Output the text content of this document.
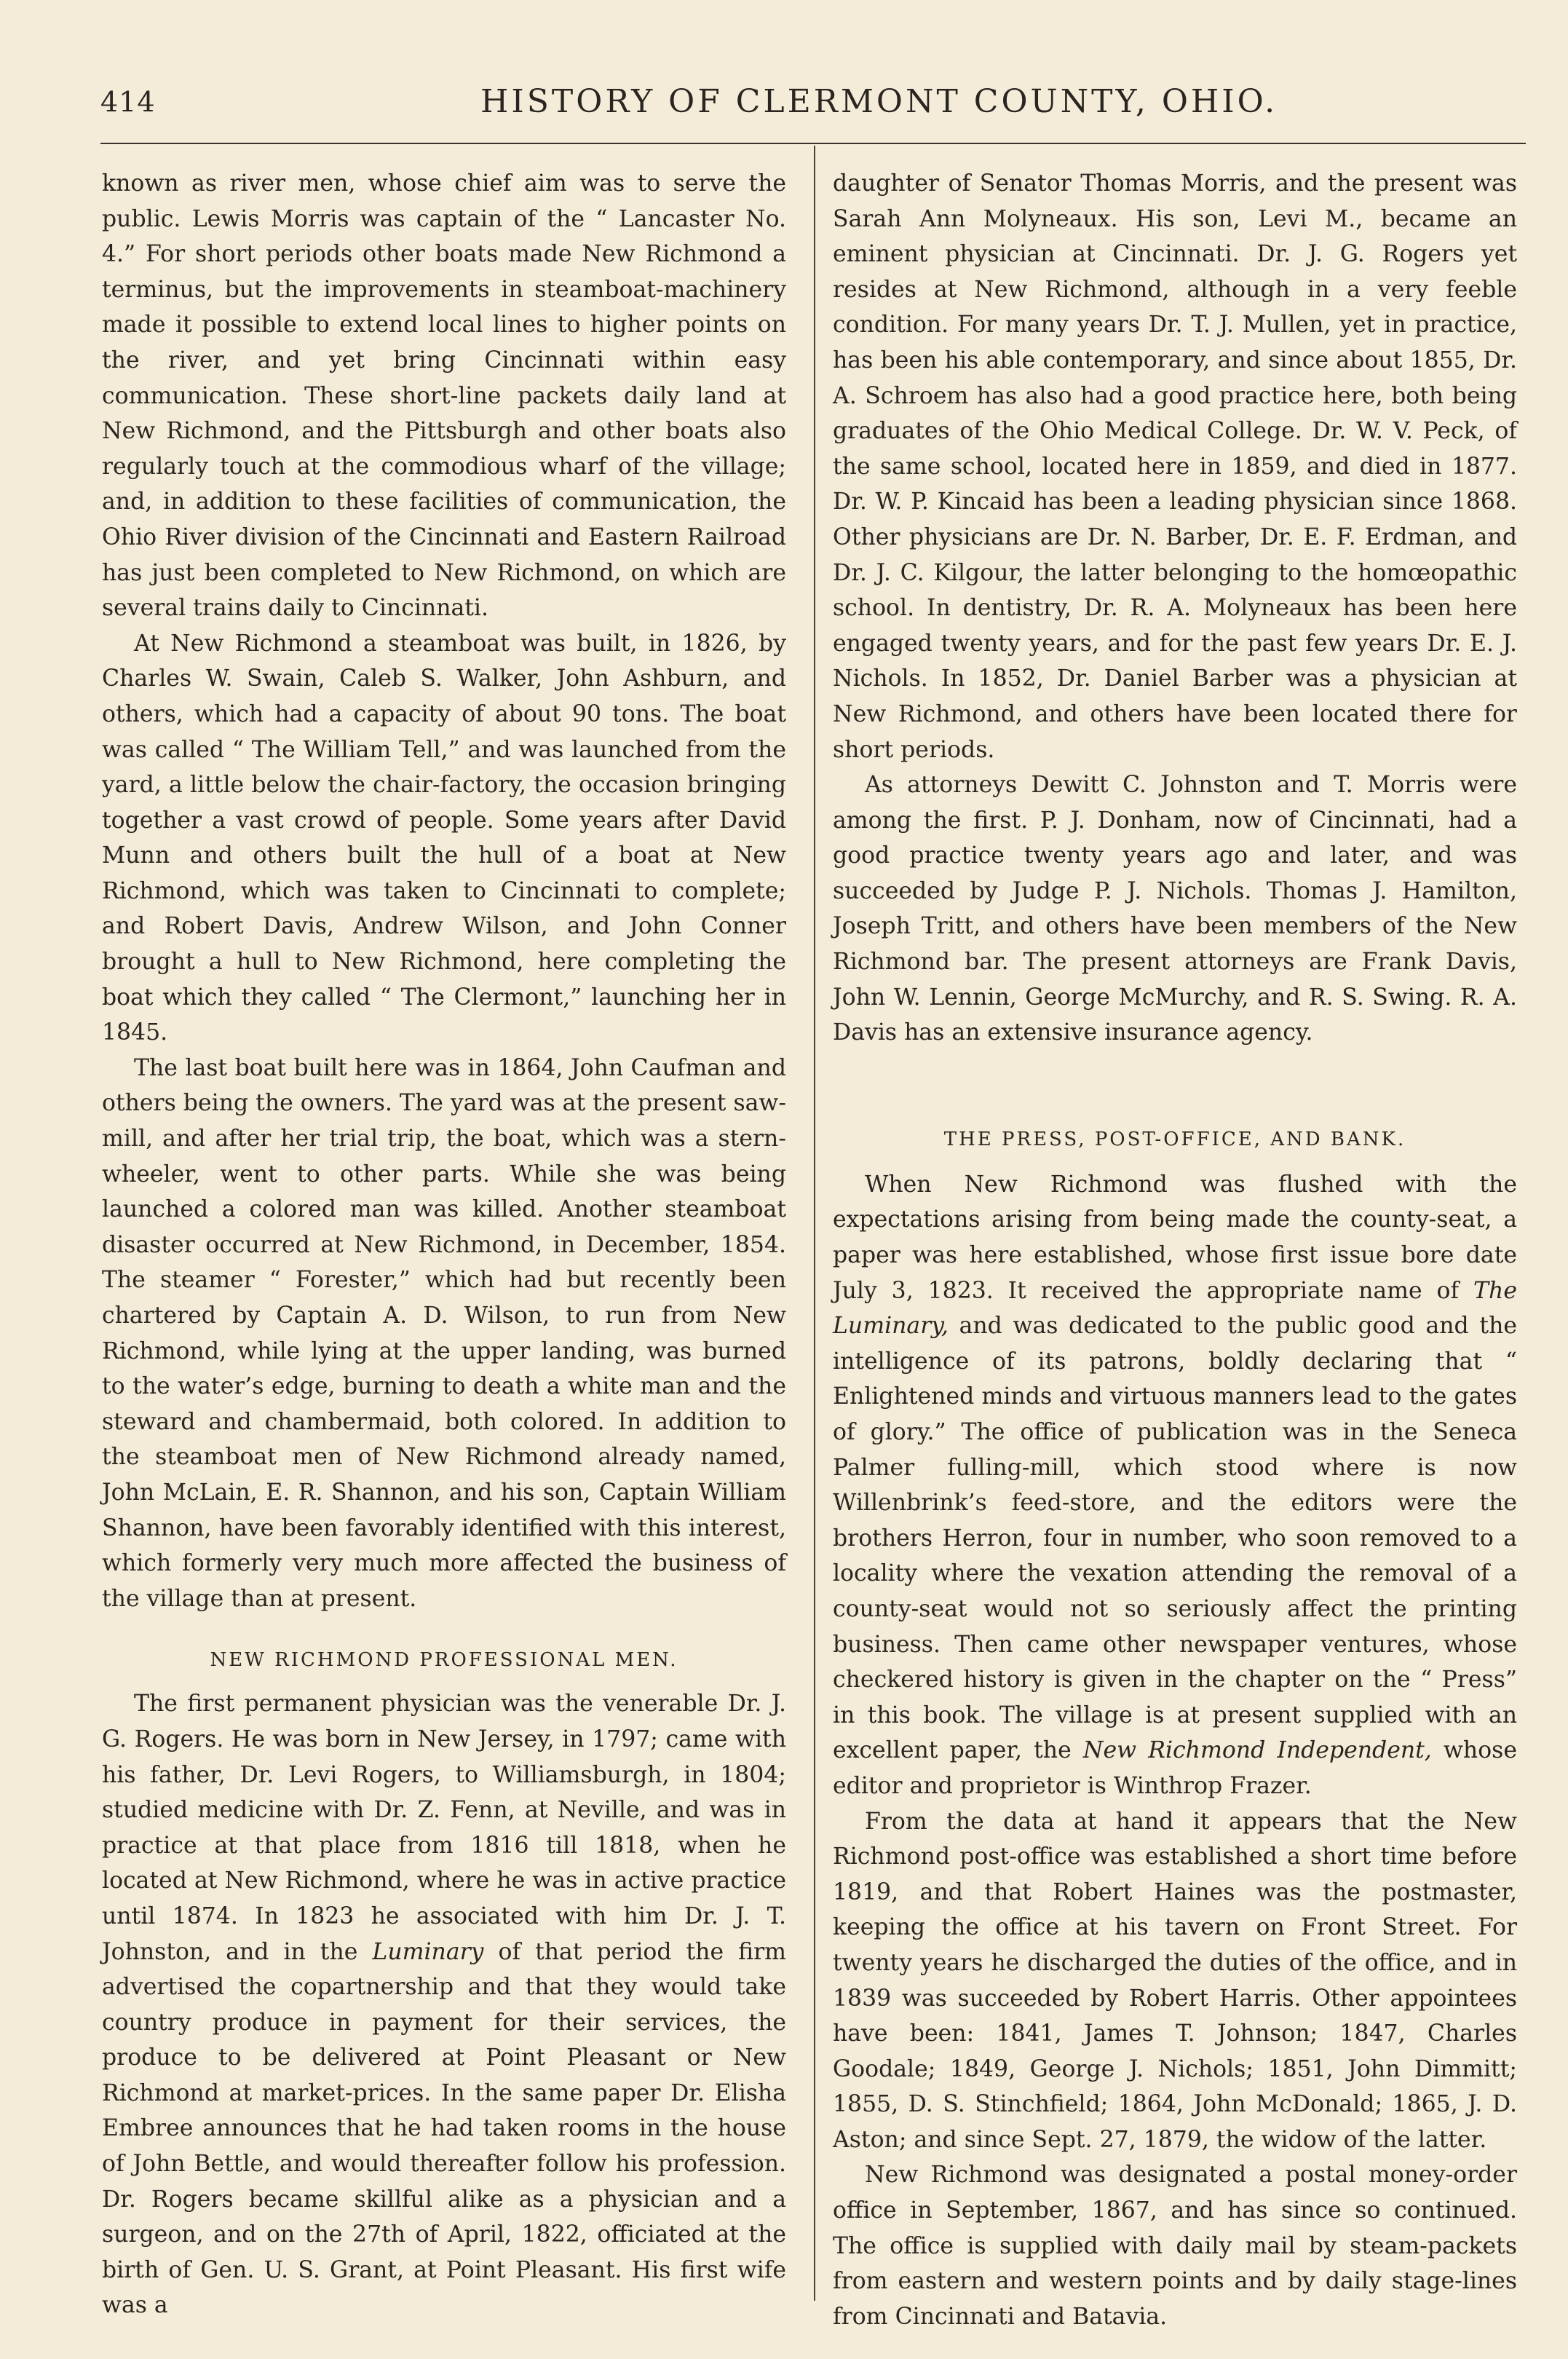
414	HISTORY OF CLERMONT COUNTY, OHIO.

known as river men, whose chief aim was to serve the public. Lewis Morris was captain of the “ Lancaster No. 4.” For short periods other boats made New Richmond a terminus, but the improvements in steamboat-machinery made it possible to extend local lines to higher points on the river, and yet bring Cincinnati within easy communication. These short-line packets daily land at New Richmond, and the Pittsburgh and other boats also regularly touch at the commodious wharf of the village; and, in addition to these facilities of communication, the Ohio River division of the Cincinnati and Eastern Railroad has just been completed to New Richmond, on which are several trains daily to Cincinnati.

At New Richmond a steamboat was built, in 1826, by Charles W. Swain, Caleb S. Walker, John Ashburn, and others, which had a capacity of about 90 tons. The boat was called “ The William Tell,” and was launched from the yard, a little below the chair-factory, the occasion bringing together a vast crowd of people. Some years after David Munn and others built the hull of a boat at New Richmond, which was taken to Cincinnati to complete; and Robert Davis, Andrew Wilson, and John Conner brought a hull to New Richmond, here completing the boat which they called “ The Clermont,” launching her in 1845.

The last boat built here was in 1864, John Caufman and others being the owners. The yard was at the present saw-mill, and after her trial trip, the boat, which was a stern-wheeler, went to other parts. While she was being launched a colored man was killed. Another steamboat disaster occurred at New Richmond, in December, 1854. The steamer “ Forester,” which had but recently been chartered by Captain A. D. Wilson, to run from New Richmond, while lying at the upper landing, was burned to the water’s edge, burning to death a white man and the steward and chambermaid, both colored. In addition to the steamboat men of New Richmond already named, John McLain, E. R. Shannon, and his son, Captain William Shannon, have been favorably identified with this interest, which formerly very much more affected the business of the village than at present.

NEW RICHMOND PROFESSIONAL MEN.

The first permanent physician was the venerable Dr. J. G. Rogers. He was born in New Jersey, in 1797; came with his father, Dr. Levi Rogers, to Williamsburgh, in 1804; studied medicine with Dr. Z. Fenn, at Neville, and was in practice at that place from 1816 till 1818, when he located at New Richmond, where he was in active practice until 1874. In 1823 he associated with him Dr. J. T. Johnston, and in the Luminary of that period the firm advertised the copartnership and that they would take country produce in payment for their services, the produce to be delivered at Point Pleasant or New Richmond at market-prices. In the same paper Dr. Elisha Embree announces that he had taken rooms in the house of John Bettle, and would thereafter follow his profession. Dr. Rogers became skillful alike as a physician and a surgeon, and on the 27th of April, 1822, officiated at the birth of Gen. U. S. Grant, at Point Pleasant. His first wife was a

daughter of Senator Thomas Morris, and the present was Sarah Ann Molyneaux. His son, Levi M., became an eminent physician at Cincinnati. Dr. J. G. Rogers yet resides at New Richmond, although in a very feeble condition. For many years Dr. T. J. Mullen, yet in practice, has been his able contemporary, and since about 1855, Dr. A. Schroem has also had a good practice here, both being graduates of the Ohio Medical College. Dr. W. V. Peck, of the same school, located here in 1859, and died in 1877. Dr. W. P. Kincaid has been a leading physician since 1868. Other physicians are Dr. N. Barber, Dr. E. F. Erdman, and Dr. J. C. Kilgour, the latter belonging to the homœopathic school. In dentistry, Dr. R. A. Molyneaux has been here engaged twenty years, and for the past few years Dr. E. J. Nichols. In 1852, Dr. Daniel Barber was a physician at New Richmond, and others have been located there for short periods.

As attorneys Dewitt C. Johnston and T. Morris were among the first. P. J. Donham, now of Cincinnati, had a good practice twenty years ago and later, and was succeeded by Judge P. J. Nichols. Thomas J. Hamilton, Joseph Tritt, and others have been members of the New Richmond bar. The present attorneys are Frank Davis, John W. Lennin, George McMurchy, and R. S. Swing. R. A. Davis has an extensive insurance agency.

THE PRESS, POST-OFFICE, AND BANK.

When New Richmond was flushed with the expectations arising from being made the county-seat, a paper was here established, whose first issue bore date July 3, 1823. It received the appropriate name of The Luminary, and was dedicated to the public good and the intelligence of its patrons, boldly declaring that “ Enlightened minds and virtuous manners lead to the gates of glory.” The office of publication was in the Seneca Palmer fulling-mill, which stood where is now Willenbrink’s feed-store, and the editors were the brothers Herron, four in number, who soon removed to a locality where the vexation attending the removal of a county-seat would not so seriously affect the printing business. Then came other newspaper ventures, whose checkered history is given in the chapter on the “ Press” in this book. The village is at present supplied with an excellent paper, the New Richmond Independent, whose editor and proprietor is Winthrop Frazer.

From the data at hand it appears that the New Richmond post-office was established a short time before 1819, and that Robert Haines was the postmaster, keeping the office at his tavern on Front Street. For twenty years he discharged the duties of the office, and in 1839 was succeeded by Robert Harris. Other appointees have been: 1841, James T. Johnson; 1847, Charles Goodale; 1849, George J. Nichols; 1851, John Dimmitt; 1855, D. S. Stinchfield; 1864, John McDonald; 1865, J. D. Aston; and since Sept. 27, 1879, the widow of the latter.

New Richmond was designated a postal money-order office in September, 1867, and has since so continued. The office is supplied with daily mail by steam-packets from eastern and western points and by daily stage-lines from Cincinnati and Batavia.
